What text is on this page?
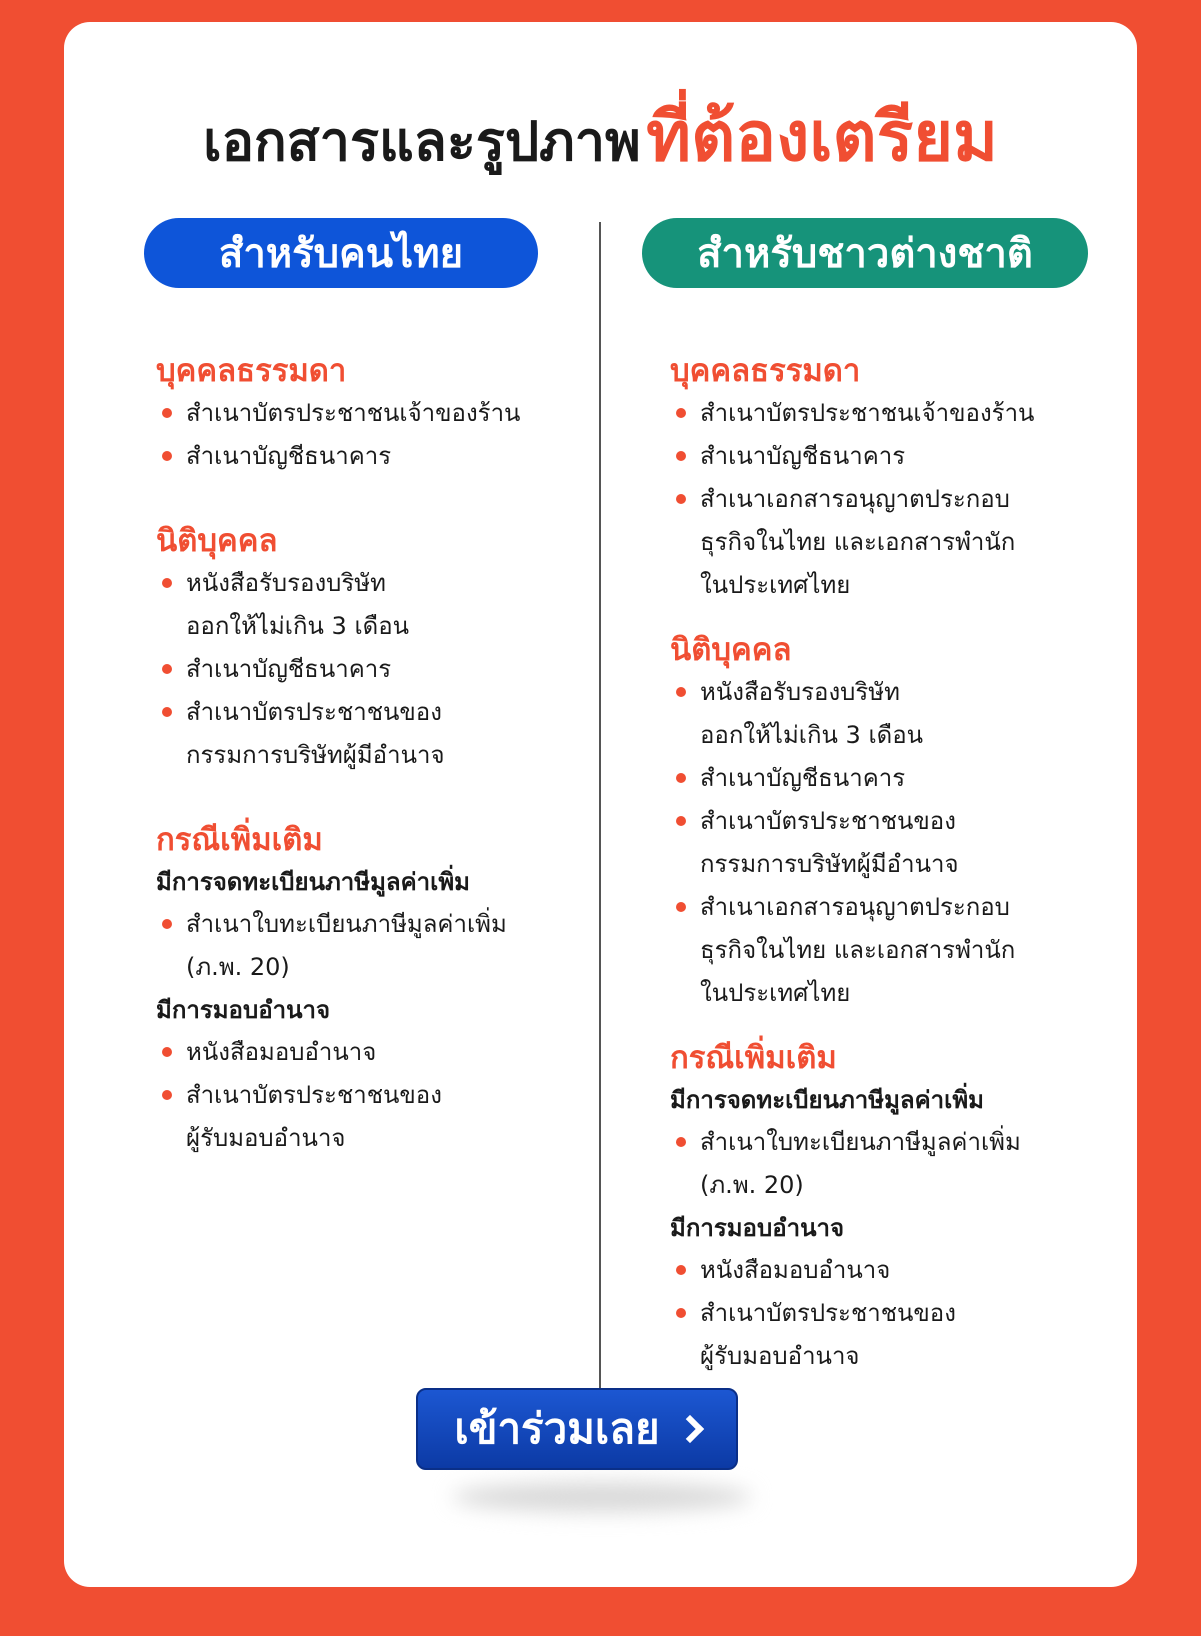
เอกสารและรูปภาพ ที่ต้องเตรียม
สำหรับคนไทย	สำหรับชาวต่างชาติ
บุคคลธรรมดา
สำเนาบัตรประชาชนเจ้าของร้าน
สำเนาบัญชีธนาคาร
นิติบุคคล
หนังสือรับรองบริษัท
ออกให้ไม่เกิน 3 เดือน
สำเนาบัญชีธนาคาร
สำเนาบัตรประชาชนของ
กรรมการบริษัทผู้มีอำนาจ
กรณีเพิ่มเติม
มีการจดทะเบียนภาษีมูลค่าเพิ่ม
สำเนาใบทะเบียนภาษีมูลค่าเพิ่ม
(ภ.พ. 20)
มีการมอบอำนาจ
หนังสือมอบอำนาจ
สำเนาบัตรประชาชนของ
ผู้รับมอบอำนาจ
บุคคลธรรมดา
สำเนาบัตรประชาชนเจ้าของร้าน
สำเนาบัญชีธนาคาร
สำเนาเอกสารอนุญาตประกอบ
ธุรกิจในไทย และเอกสารพำนัก
ในประเทศไทย
นิติบุคคล
หนังสือรับรองบริษัท
ออกให้ไม่เกิน 3 เดือน
สำเนาบัญชีธนาคาร
สำเนาบัตรประชาชนของ
กรรมการบริษัทผู้มีอำนาจ
สำเนาเอกสารอนุญาตประกอบ
ธุรกิจในไทย และเอกสารพำนัก
ในประเทศไทย
กรณีเพิ่มเติม
มีการจดทะเบียนภาษีมูลค่าเพิ่ม
สำเนาใบทะเบียนภาษีมูลค่าเพิ่ม
(ภ.พ. 20)
มีการมอบอำนาจ
หนังสือมอบอำนาจ
สำเนาบัตรประชาชนของ
ผู้รับมอบอำนาจ
เข้าร่วมเลย
